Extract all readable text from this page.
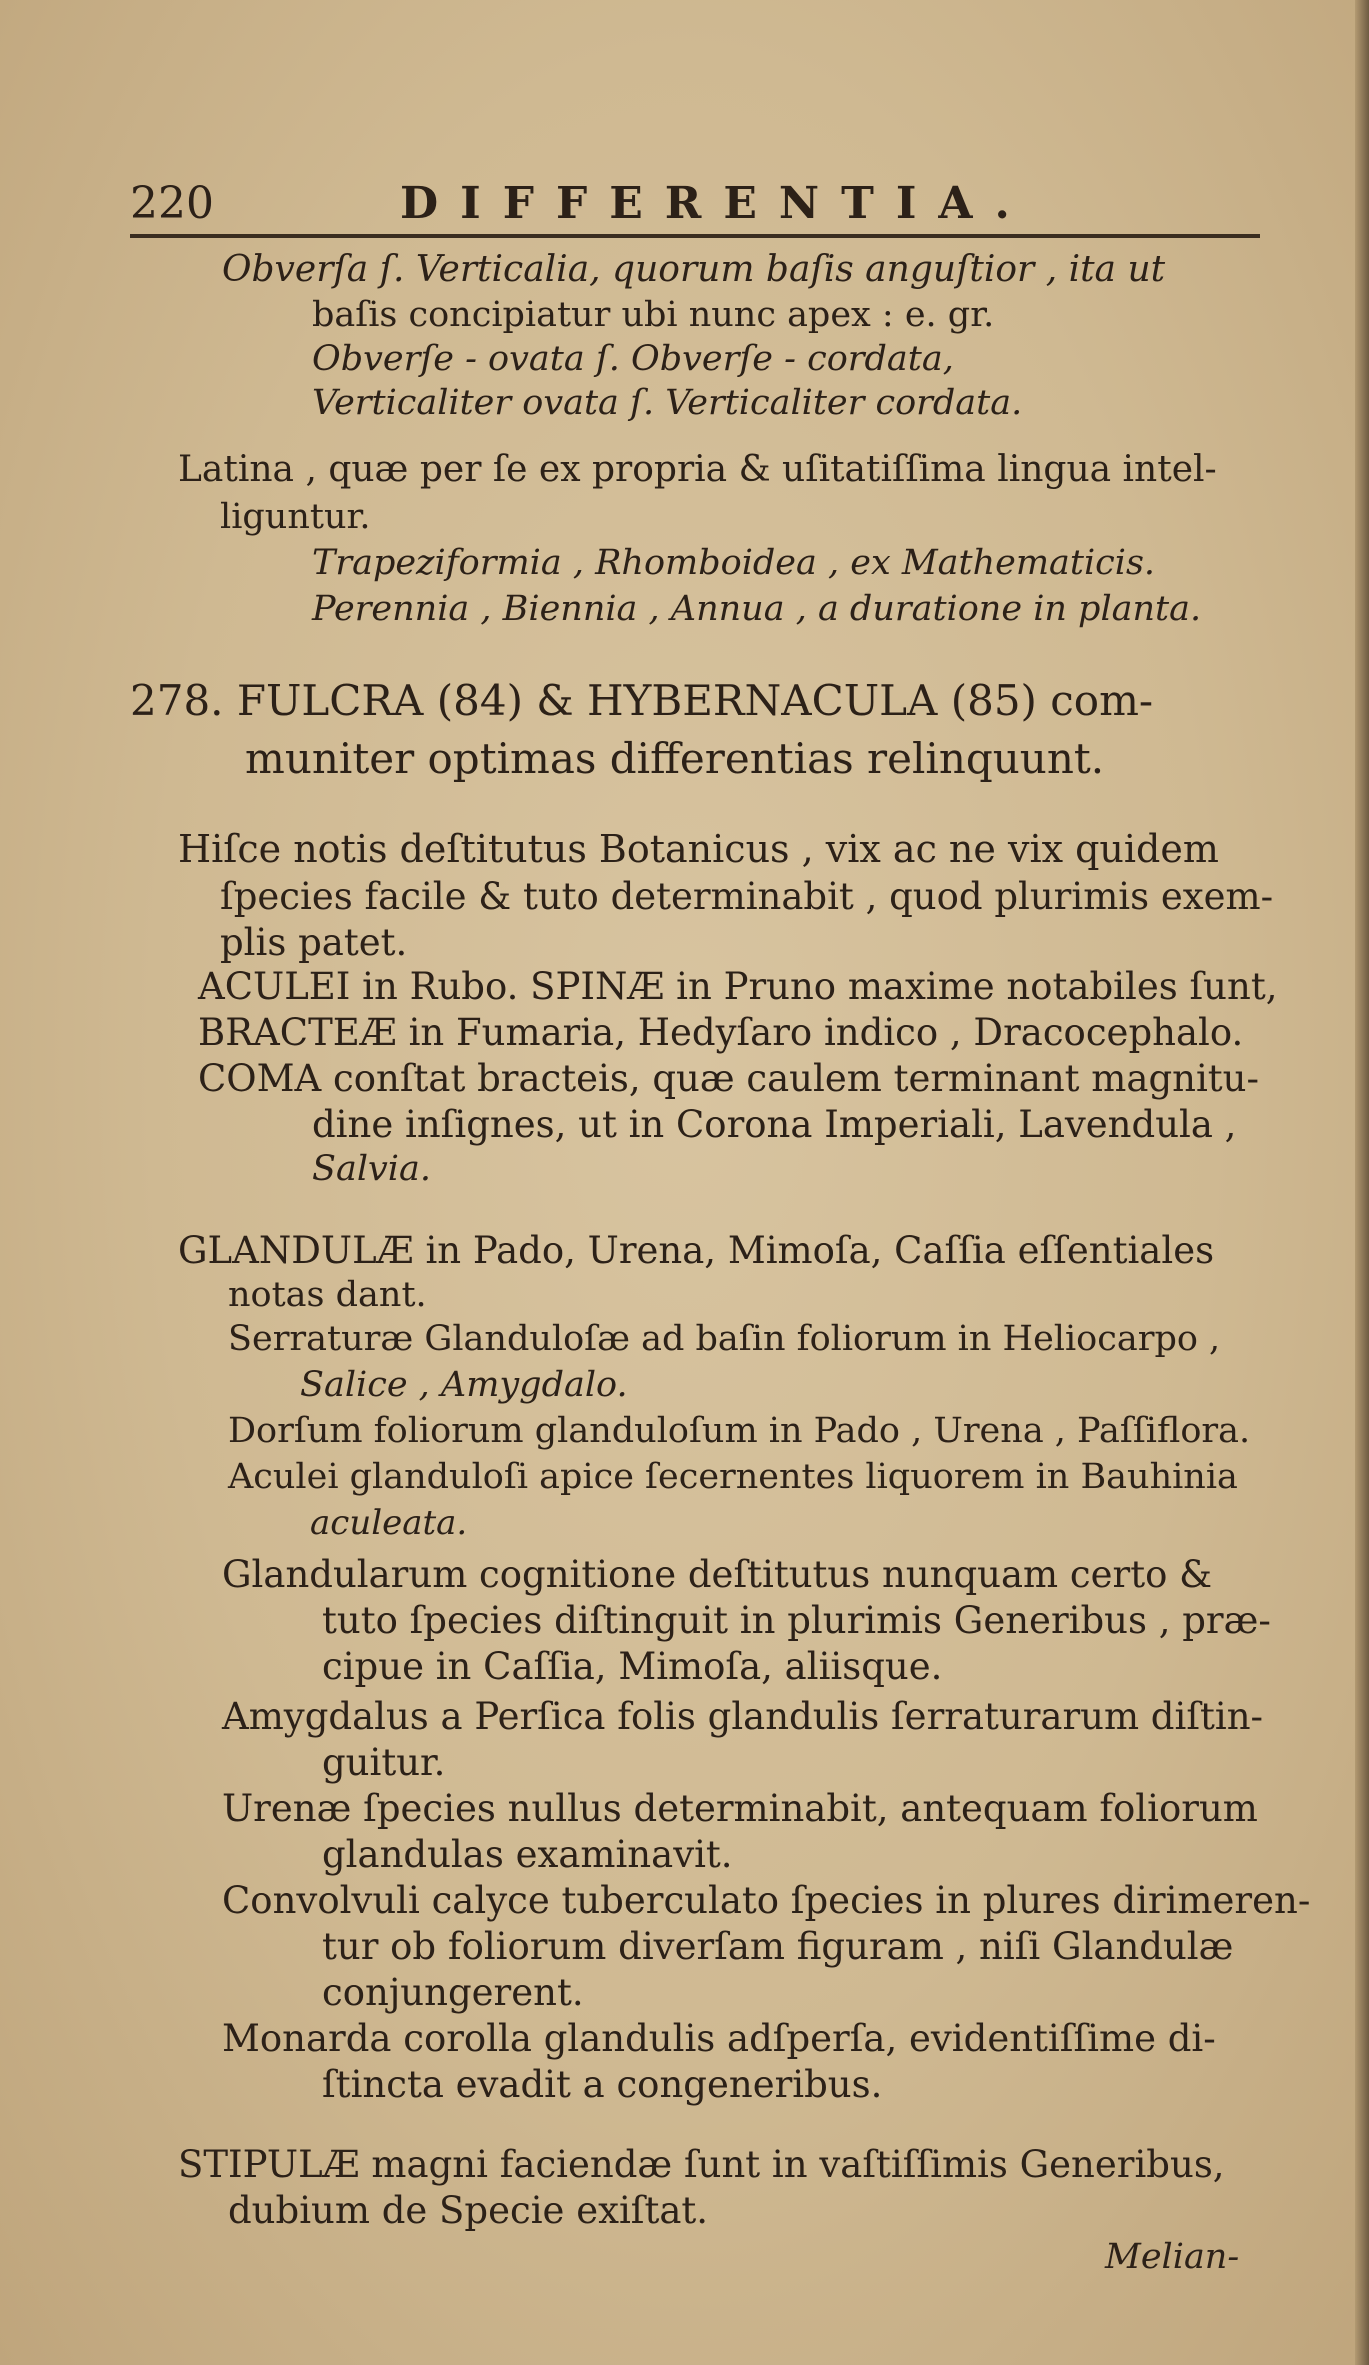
220	DIFFERENTIA.
Obverſa ſ. Verticalia, quorum baſis anguſtior , ita ut
baſis concipiatur ubi nunc apex : e. gr.
Obverſe - ovata ſ. Obverſe - cordata,
Verticaliter ovata ſ. Verticaliter cordata.
Latina , quæ per ſe ex propria & uſitatiſſima lingua intel-
liguntur.
Trapeziformia , Rhomboidea , ex Mathematicis.
Perennia , Biennia , Annua , a duratione in planta.
278. FULCRA (84) & HYBERNACULA (85) com-
muniter optimas differentias relinquunt.
Hiſce notis deſtitutus Botanicus , vix ac ne vix quidem
ſpecies facile & tuto determinabit , quod plurimis exem-
plis patet.
ACULEI in Rubo. SPINÆ in Pruno maxime notabiles ſunt,
BRACTEÆ in Fumaria, Hedyſaro indico , Dracocephalo.
COMA conſtat bracteis, quæ caulem terminant magnitu-
dine inſignes, ut in Corona Imperiali, Lavendula ,
Salvia.
GLANDULÆ in Pado, Urena, Mimoſa, Caſſia eſſentiales
notas dant.
Serraturæ Glanduloſæ ad baſin foliorum in Heliocarpo ,
Salice , Amygdalo.
Dorſum foliorum glanduloſum in Pado , Urena , Paſſiflora.
Aculei glanduloſi apice ſecernentes liquorem in Bauhinia
aculeata.
Glandularum cognitione deſtitutus nunquam certo &
tuto ſpecies diſtinguit in plurimis Generibus , præ-
cipue in Caſſia, Mimoſa, aliisque.
Amygdalus a Perſica folis glandulis ſerraturarum diſtin-
guitur.
Urenæ ſpecies nullus determinabit, antequam foliorum
glandulas examinavit.
Convolvuli calyce tuberculato ſpecies in plures dirimeren-
tur ob foliorum diverſam figuram , niſi Glandulæ
conjungerent.
Monarda corolla glandulis adſperſa, evidentiſſime di-
ſtincta evadit a congeneribus.
STIPULÆ magni faciendæ ſunt in vaſtiſſimis Generibus,
dubium de Specie exiſtat.
Melian-
